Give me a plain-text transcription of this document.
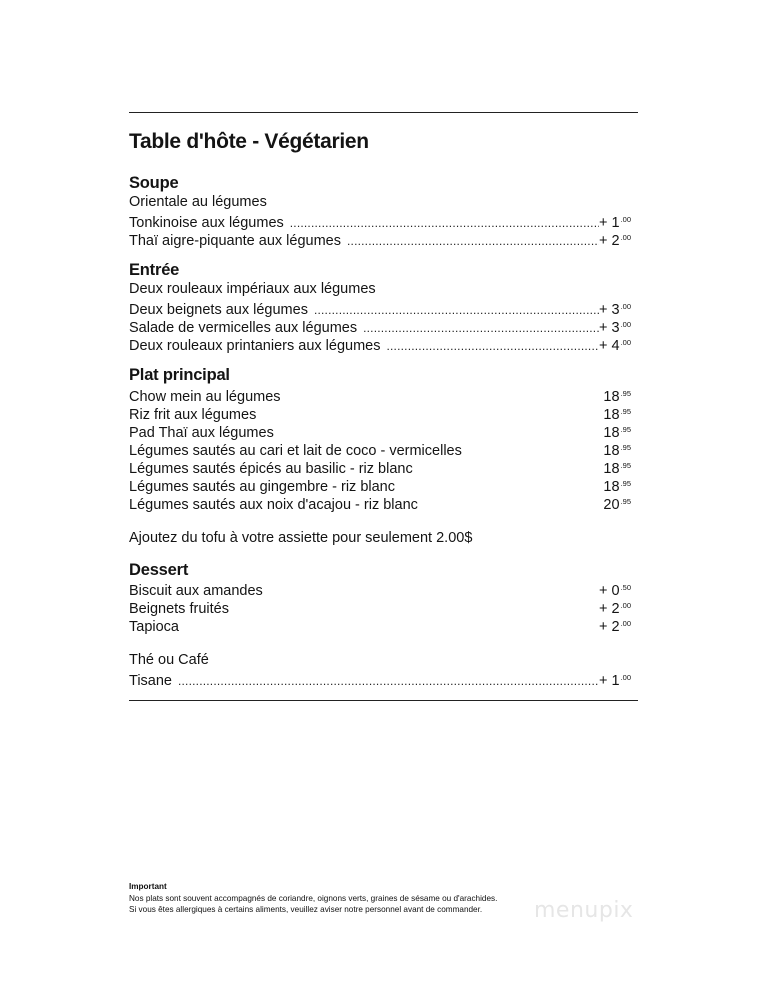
Table d'hôte - Végétarien
Soupe
Orientale au légumes
Tonkinoise aux légumes .....	+ $1^{.00}$
Thaï aigre-piquante aux légumes .....	+ $2^{.00}$
Entrée
Deux rouleaux impériaux aux légumes
Deux beignets aux légumes .....	+ $3^{.00}$
Salade de vermicelles aux légumes .....	+ $3^{.00}$
Deux rouleaux printaniers aux légumes .....	+ $4^{.00}$
Plat principal
Chow mein au légumes	$18^{.95}$
Riz frit aux légumes	$18^{.95}$
Pad Thaï aux légumes	$18^{.95}$
Légumes sautés au cari et lait de coco - vermicelles	$18^{.95}$
Légumes sautés épicés au basilic - riz blanc	$18^{.95}$
Légumes sautés au gingembre - riz blanc	$18^{.95}$
Légumes sautés aux noix d'acajou - riz blanc	$20^{.95}$
Ajoutez du tofu à votre assiette pour seulement 2.00$
Dessert
Biscuit aux amandes	+ $0^{.50}$
Beignets fruités	+ $2^{.00}$
Tapioca	+ $2^{.00}$
Thé ou Café
Tisane .....	+ $1^{.00}$
Important
Nos plats sont souvent accompagnés de coriandre, oignons verts, graines de sésame ou d'arachides.
Si vous êtes allergiques à certains aliments, veuillez aviser notre personnel avant de commander.	menupix
